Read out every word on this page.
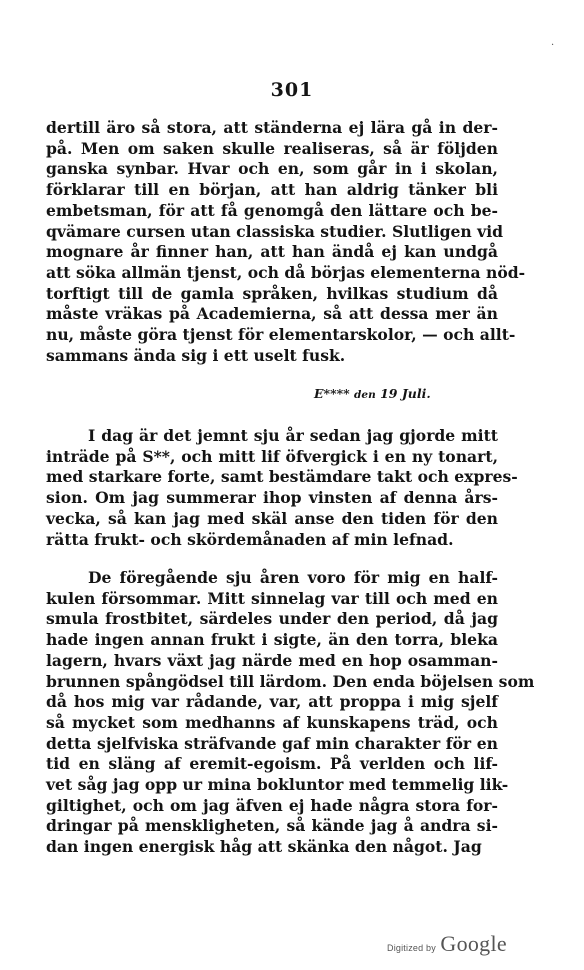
·
301
dertill äro så stora, att ständerna ej lära gå in der-
på. Men om saken skulle realiseras, så är följden
ganska synbar. Hvar och en, som går in i skolan,
förklarar till en början, att han aldrig tänker bli
embetsman, för att få genomgå den lättare och be-
qvämare cursen utan classiska studier. Slutligen vid
mognare år finner han, att han ändå ej kan undgå
att söka allmän tjenst, och då börjas elementerna nöd-
torftigt till de gamla språken, hvilkas studium då
måste vräkas på Academierna, så att dessa mer än
nu, måste göra tjenst för elementarskolor, — och allt-
sammans ända sig i ett uselt fusk.
E**** den 19 Juli.
I dag är det jemnt sju år sedan jag gjorde mitt
inträde på S**, och mitt lif öfvergick i en ny tonart,
med starkare forte, samt bestämdare takt och expres-
sion. Om jag summerar ihop vinsten af denna års-
vecka, så kan jag med skäl anse den tiden för den
rätta frukt- och skördemånaden af min lefnad.
De föregående sju åren voro för mig en half-
kulen försommar. Mitt sinnelag var till och med en
smula frostbitet, särdeles under den period, då jag
hade ingen annan frukt i sigte, än den torra, bleka
lagern, hvars växt jag närde med en hop osamman-
brunnen spångödsel till lärdom. Den enda böjelsen som
då hos mig var rådande, var, att proppa i mig sjelf
så mycket som medhanns af kunskapens träd, och
detta sjelfviska sträfvande gaf min charakter för en
tid en släng af eremit-egoism. På verlden och lif-
vet såg jag opp ur mina bokluntor med temmelig lik-
giltighet, och om jag äfven ej hade några stora for-
dringar på menskligheten, så kände jag å andra si-
dan ingen energisk håg att skänka den något. Jag
Digitized by Google
